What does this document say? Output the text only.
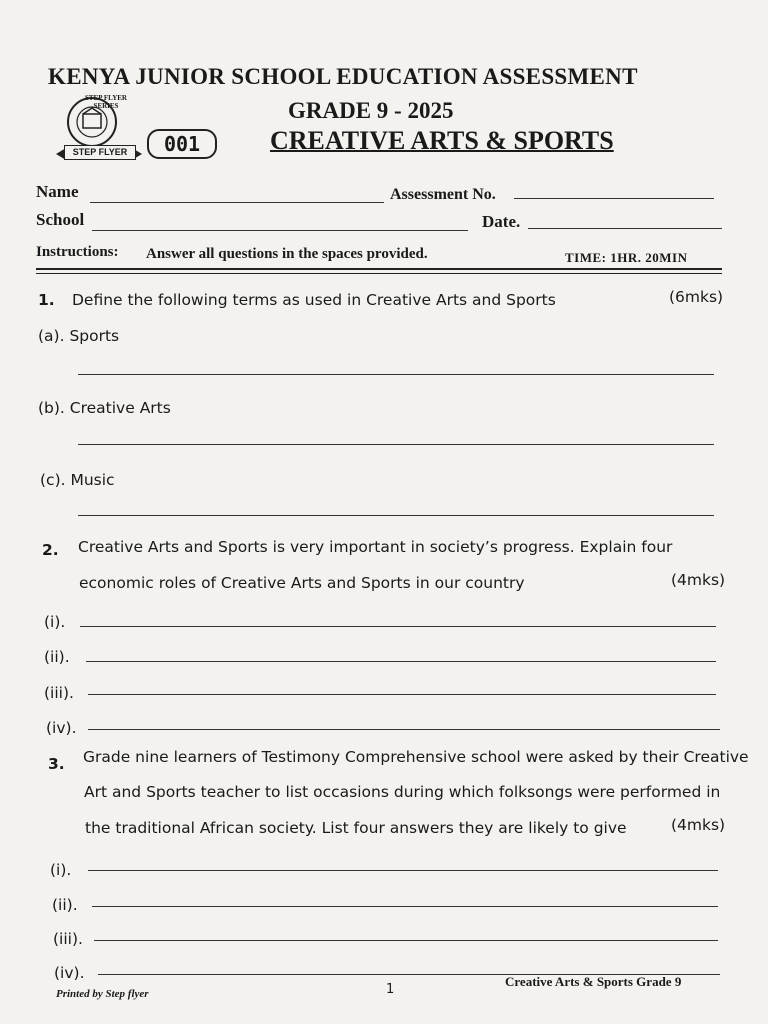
KENYA JUNIOR SCHOOL EDUCATION ASSESSMENT
GRADE 9 - 2025
CREATIVE ARTS & SPORTS
STEP FLYER SERIES
STEP FLYER	001
Name	Assessment No.
School	Date.
Instructions: Answer all questions in the spaces provided.	TIME: 1HR. 20MIN
1. Define the following terms as used in Creative Arts and Sports	(6mks)
(a). Sports
(b). Creative Arts
(c). Music
2. Creative Arts and Sports is very important in society’s progress. Explain four
economic roles of Creative Arts and Sports in our country	(4mks)
(i).
(ii).
(iii).
(iv).
3. Grade nine learners of Testimony Comprehensive school were asked by their Creative
Art and Sports teacher to list occasions during which folksongs were performed in
the traditional African society. List four answers they are likely to give	(4mks)
(i).
(ii).
(iii).
(iv).
Printed by Step flyer	1
Creative Arts & Sports Grade 9
